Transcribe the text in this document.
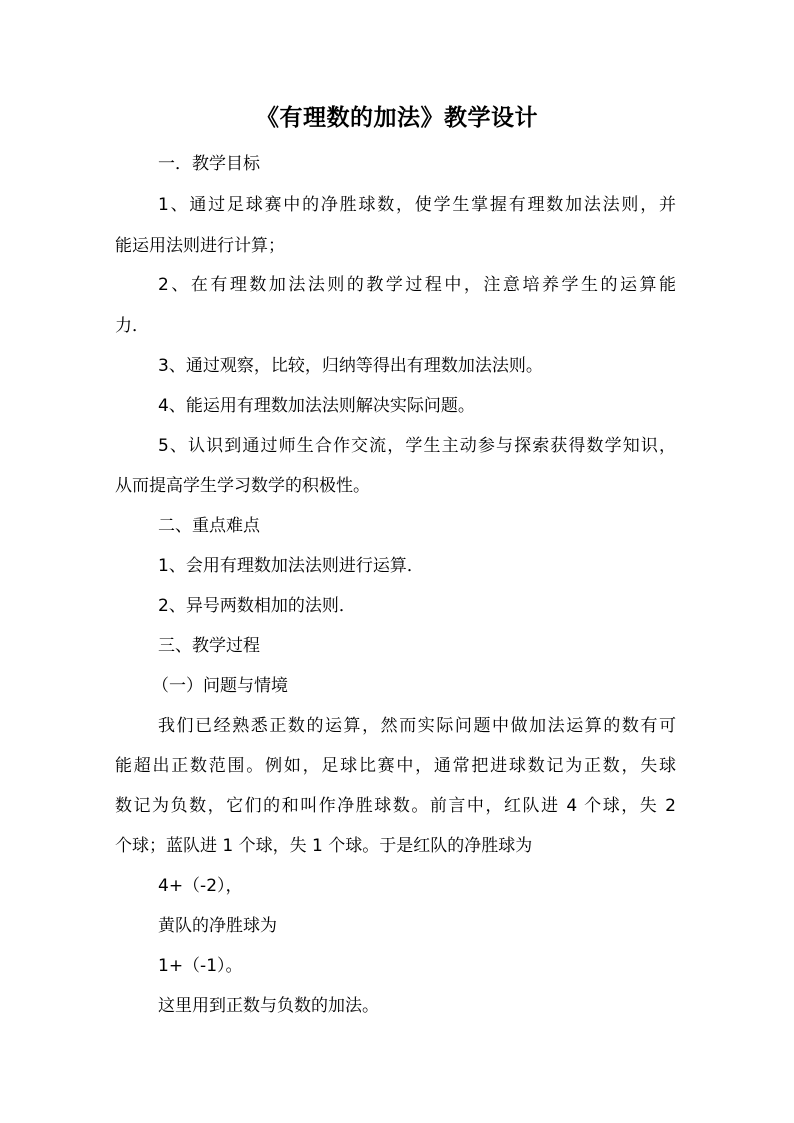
《有理数的加法》教学设计
一．教学目标
1、通过足球赛中的净胜球数，使学生掌握有理数加法法则，并
能运用法则进行计算；
2、在有理数加法法则的教学过程中，注意培养学生的运算能
力．
3、通过观察，比较，归纳等得出有理数加法法则。
4、能运用有理数加法法则解决实际问题。
5、认识到通过师生合作交流，学生主动参与探索获得数学知识，
从而提高学生学习数学的积极性。
二、重点难点
1、会用有理数加法法则进行运算．
2、异号两数相加的法则．
三、教学过程
（一）问题与情境
我们已经熟悉正数的运算，然而实际问题中做加法运算的数有可
能超出正数范围。例如，足球比赛中，通常把进球数记为正数，失球
数记为负数，它们的和叫作净胜球数。前言中，红队进 4 个球，失 2
个球；蓝队进 1 个球，失 1 个球。于是红队的净胜球为
4+（-2），
黄队的净胜球为
1+（-1）。
这里用到正数与负数的加法。
